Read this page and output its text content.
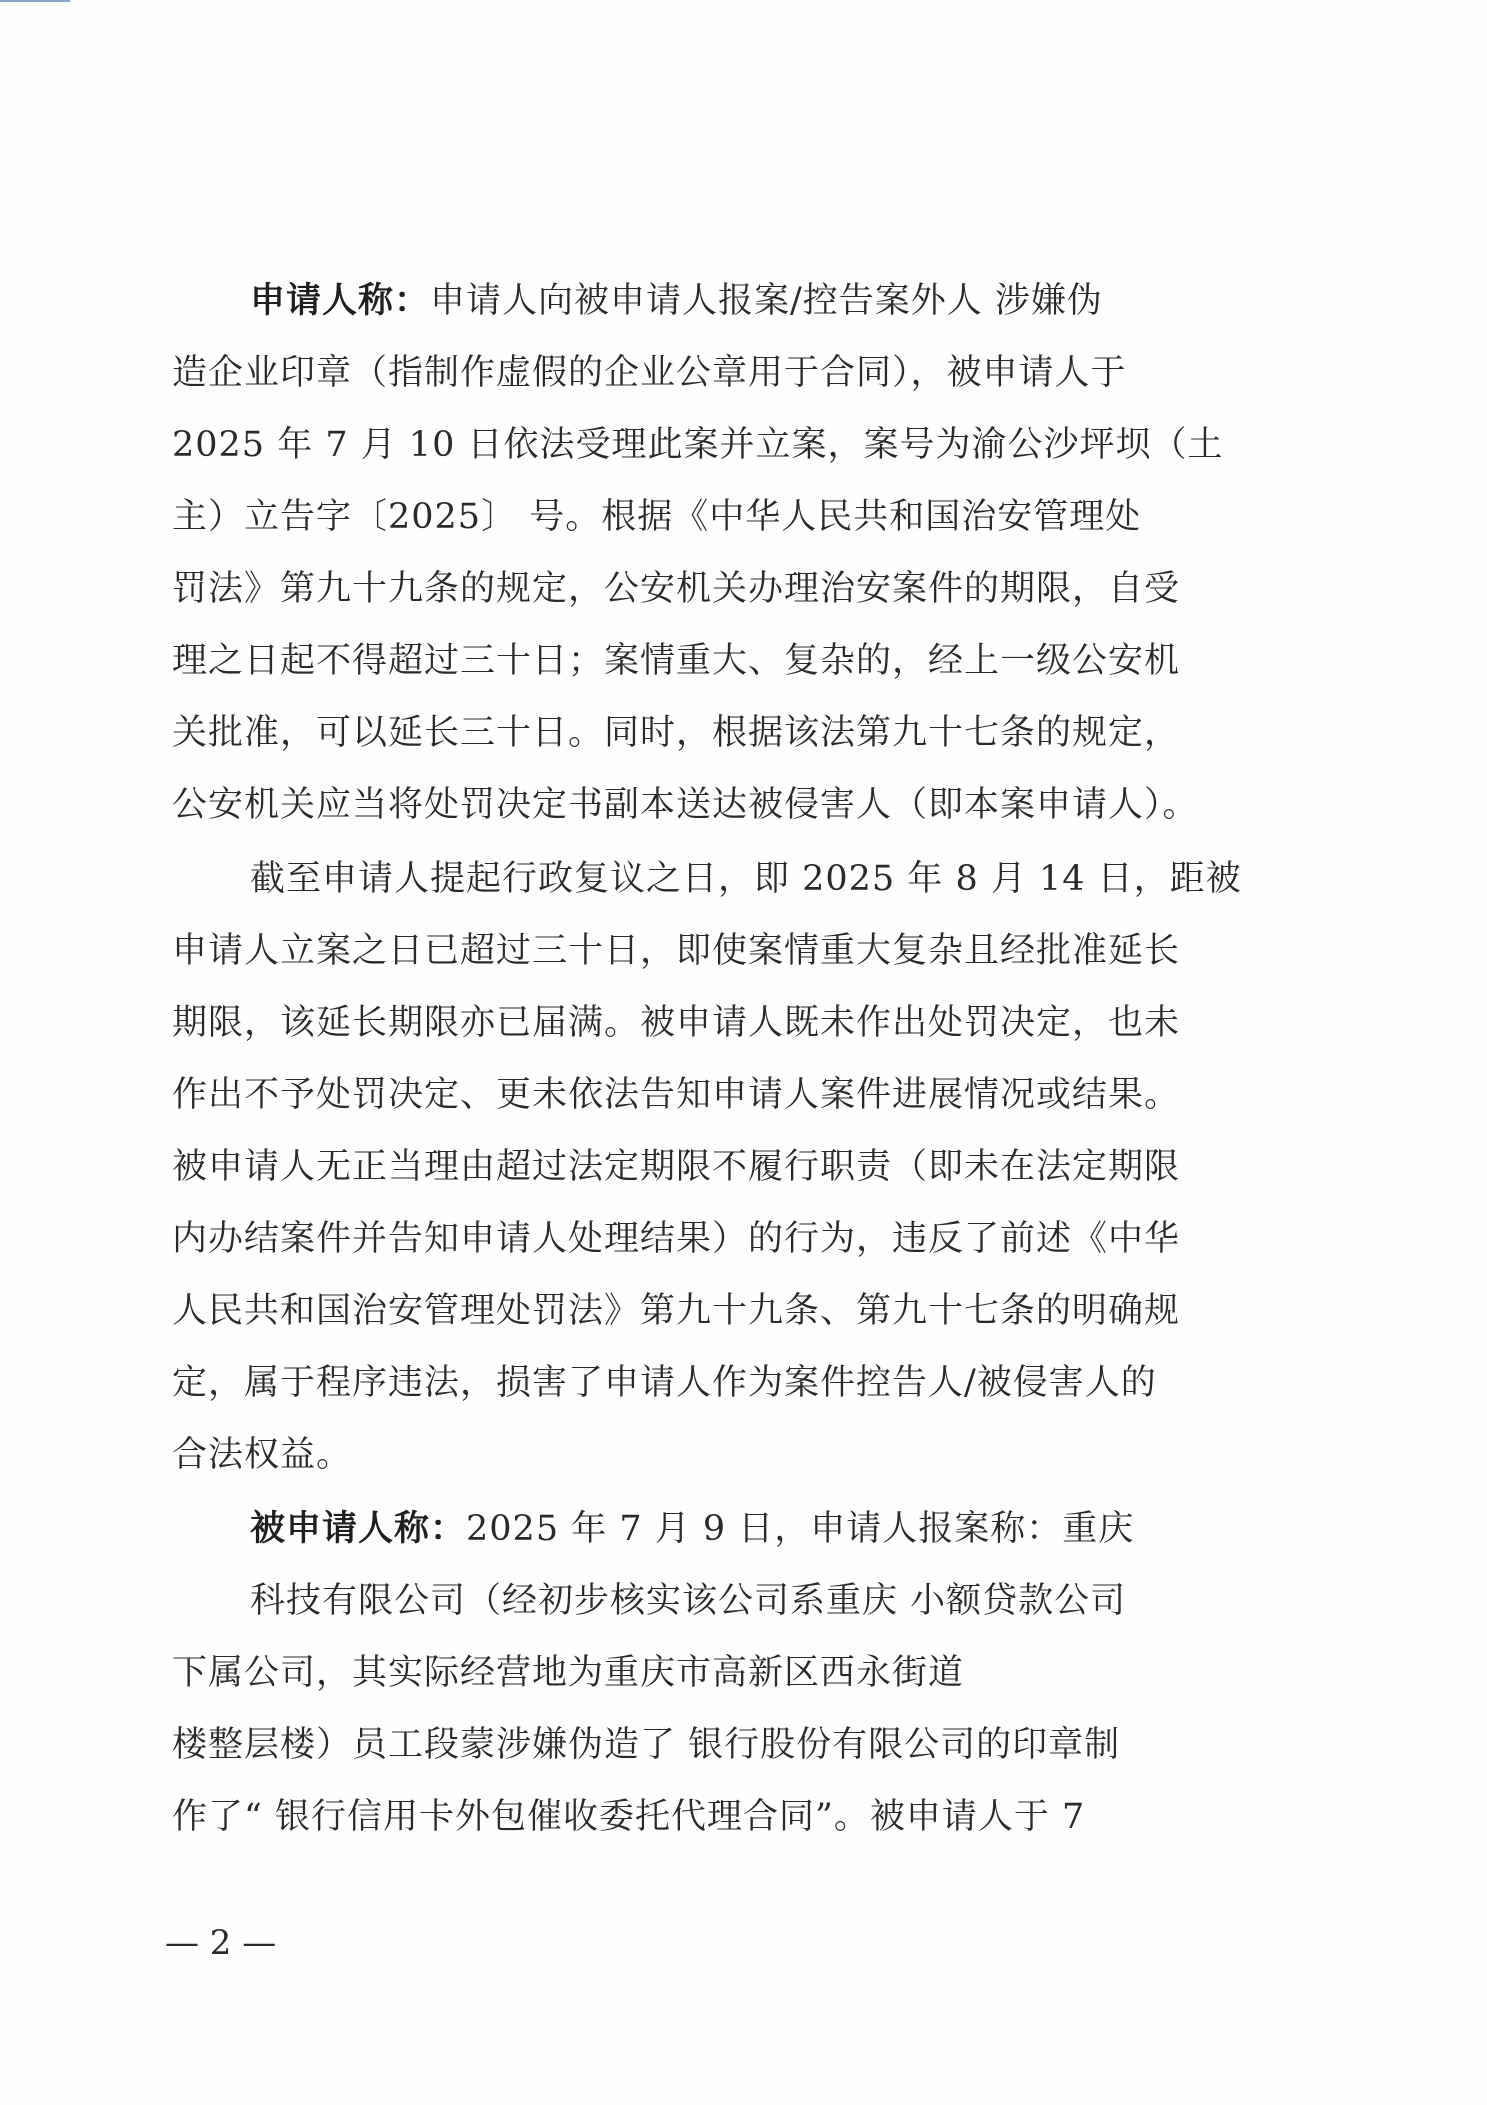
申请人称：申请人向被申请人报案/控告案外人 涉嫌伪
造企业印章（指制作虚假的企业公章用于合同），被申请人于
2025 年 7 月 10 日依法受理此案并立案，案号为渝公沙坪坝（土
主）立告字〔2025〕 号。根据《中华人民共和国治安管理处
罚法》第九十九条的规定，公安机关办理治安案件的期限，自受
理之日起不得超过三十日；案情重大、复杂的，经上一级公安机
关批准，可以延长三十日。同时，根据该法第九十七条的规定，
公安机关应当将处罚决定书副本送达被侵害人（即本案申请人）。
截至申请人提起行政复议之日，即 2025 年 8 月 14 日，距被
申请人立案之日已超过三十日，即使案情重大复杂且经批准延长
期限，该延长期限亦已届满。被申请人既未作出处罚决定，也未
作出不予处罚决定、更未依法告知申请人案件进展情况或结果。
被申请人无正当理由超过法定期限不履行职责（即未在法定期限
内办结案件并告知申请人处理结果）的行为，违反了前述《中华
人民共和国治安管理处罚法》第九十九条、第九十七条的明确规
定，属于程序违法，损害了申请人作为案件控告人/被侵害人的
合法权益。
被申请人称：2025 年 7 月 9 日，申请人报案称：重庆
科技有限公司（经初步核实该公司系重庆 小额贷款公司
下属公司，其实际经营地为重庆市高新区西永街道
楼整层楼）员工段蒙涉嫌伪造了 银行股份有限公司的印章制
作了“ 银行信用卡外包催收委托代理合同”。被申请人于 7
— 2 —
